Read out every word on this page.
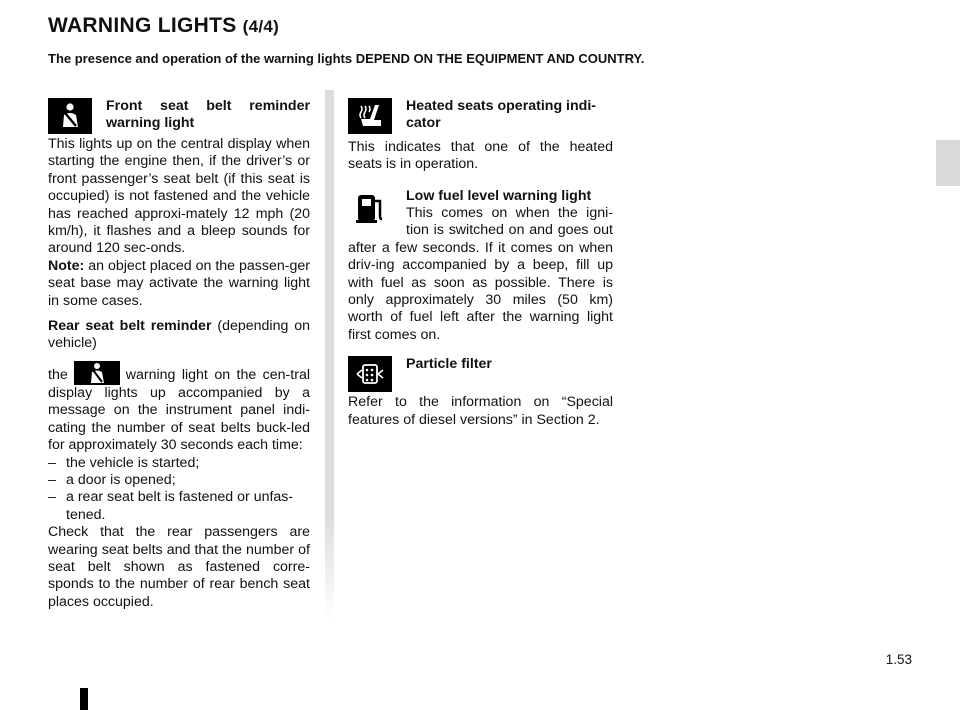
WARNING LIGHTS (4/4)

The presence and operation of the warning lights DEPEND ON THE EQUIPMENT AND COUNTRY.

Front seat belt reminder
warning light

This lights up on the central display when starting the engine then, if the driver’s or front passenger’s seat belt (if this seat is occupied) is not fastened and the vehicle has reached approxi-mately 12 mph (20 km/h), it flashes and a bleep sounds for around 120 sec-onds.

Note: an object placed on the passen-ger seat base may activate the warning light in some cases.

Rear seat belt reminder (depending on vehicle)

the	warning light on the cen-tral display lights up accompanied by a message on the instrument panel indi-cating the number of seat belts buck-led for approximately 30 seconds each time:

– the vehicle is started;
– a door is opened;
– a rear seat belt is fastened or unfas-tened.

Check that the rear passengers are wearing seat belts and that the number of seat belt shown as fastened corre-sponds to the number of rear bench seat places occupied.

Heated seats operating indi-
cator

This indicates that one of the heated seats is in operation.

Low fuel level warning light

This comes on when the igni-tion is switched on and goes out after a few seconds. If it comes on when driv-ing accompanied by a beep, fill up with fuel as soon as possible. There is only approximately 30 miles (50 km) worth of fuel left after the warning light first comes on.

Particle filter

Refer to the information on “Special features of diesel versions” in Section 2.

1.53
